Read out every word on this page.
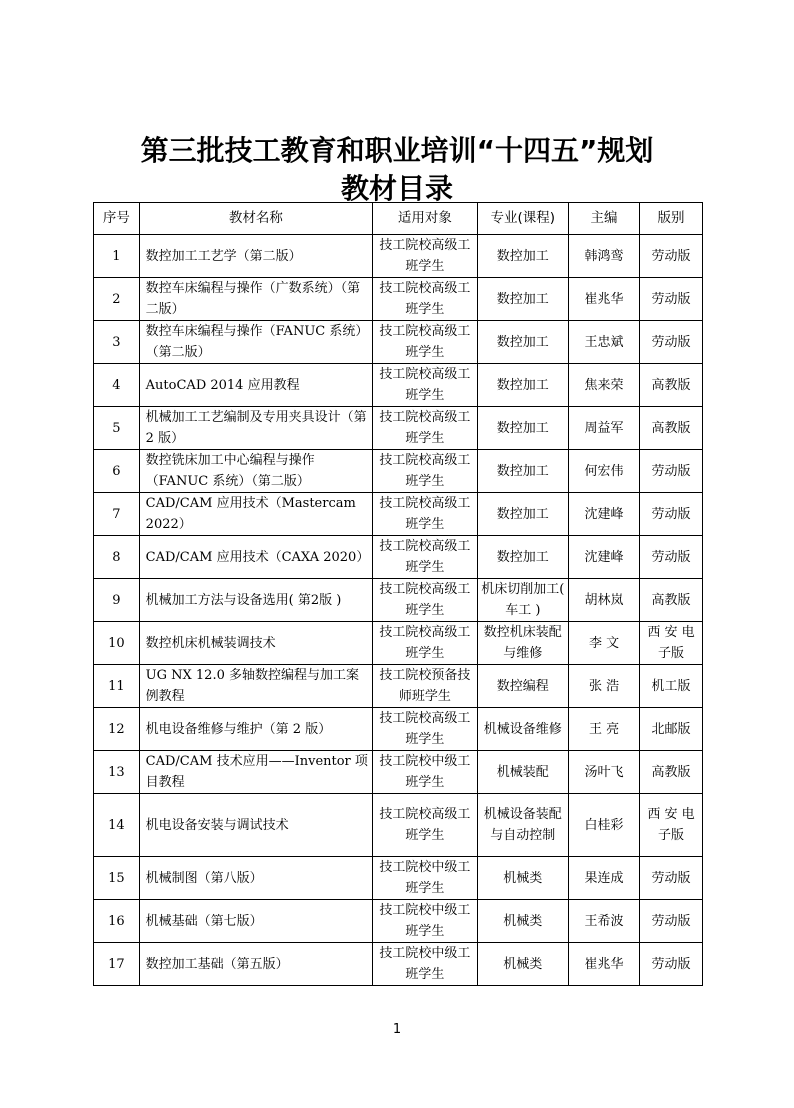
第三批技工教育和职业培训“十四五”规划
教材目录
序号	教材名称	适用对象	专业(课程)	主编	版别
1	数控加工工艺学（第二版）	技工院校高级工班学生	数控加工	韩鸿鸾	劳动版
2	数控车床编程与操作（广数系统）（第二版）	技工院校高级工班学生	数控加工	崔兆华	劳动版
3	数控车床编程与操作（FANUC 系统）（第二版）	技工院校高级工班学生	数控加工	王忠斌	劳动版
4	AutoCAD 2014 应用教程	技工院校高级工班学生	数控加工	焦来荣	高教版
5	机械加工工艺编制及专用夹具设计（第 2 版）	技工院校高级工班学生	数控加工	周益军	高教版
6	数控铣床加工中心编程与操作（FANUC 系统）（第二版）	技工院校高级工班学生	数控加工	何宏伟	劳动版
7	CAD/CAM 应用技术（Mastercam 2022）	技工院校高级工班学生	数控加工	沈建峰	劳动版
8	CAD/CAM 应用技术（CAXA 2020）	技工院校高级工班学生	数控加工	沈建峰	劳动版
9	机械加工方法与设备选用( 第2版 )	技工院校高级工班学生	机床切削加工( 车工 )	胡林岚	高教版
10	数控机床机械装调技术	技工院校高级工班学生	数控机床装配与维修	李 文	西 安 电子版
11	UG NX 12.0 多轴数控编程与加工案例教程	技工院校预备技师班学生	数控编程	张 浩	机工版
12	机电设备维修与维护（第 2 版）	技工院校高级工班学生	机械设备维修	王 亮	北邮版
13	CAD/CAM 技术应用——Inventor 项目教程	技工院校中级工班学生	机械装配	汤叶飞	高教版
14	机电设备安装与调试技术	技工院校高级工班学生	机械设备装配与自动控制	白桂彩	西 安 电子版
15	机械制图（第八版）	技工院校中级工班学生	机械类	果连成	劳动版
16	机械基础（第七版）	技工院校中级工班学生	机械类	王希波	劳动版
17	数控加工基础（第五版）	技工院校中级工班学生	机械类	崔兆华	劳动版
1
